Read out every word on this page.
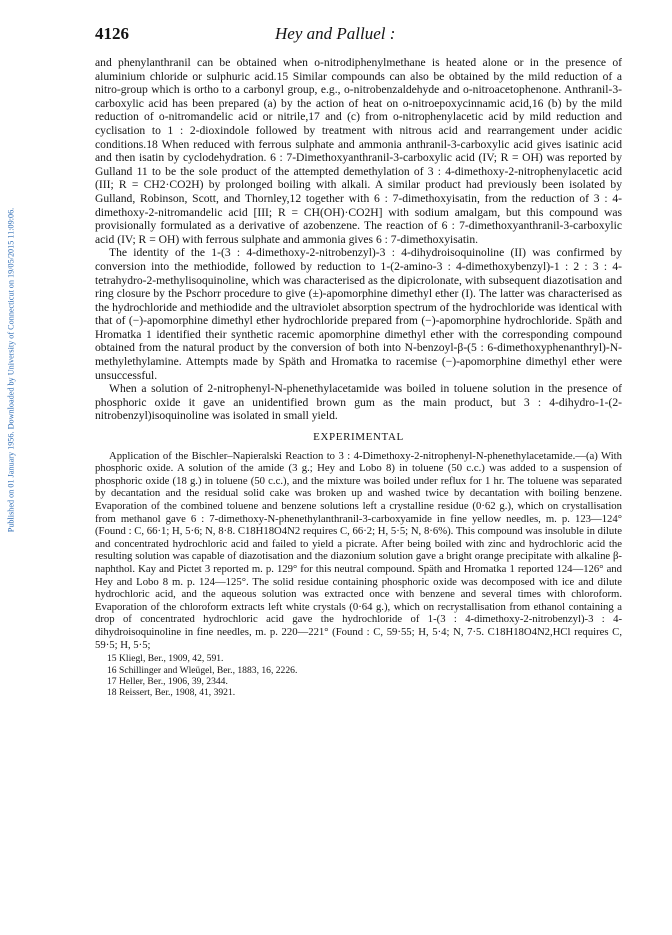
Published on 01 January 1956. Downloaded by University of Connecticut on 19/05/2015 11:09:06.
4126	Hey and Palluel :

and phenylanthranil can be obtained when o-nitrodiphenylmethane is heated alone or in the presence of aluminium chloride or sulphuric acid.15 Similar compounds can also be obtained by the mild reduction of a nitro-group which is ortho to a carbonyl group, e.g., o-nitrobenzaldehyde and o-nitroacetophenone. Anthranil-3-carboxylic acid has been prepared (a) by the action of heat on o-nitroepoxycinnamic acid,16 (b) by the mild reduction of o-nitromandelic acid or nitrile,17 and (c) from o-nitrophenylacetic acid by mild reduction and cyclisation to 1 : 2-dioxindole followed by treatment with nitrous acid and rearrangement under acidic conditions.18 When reduced with ferrous sulphate and ammonia anthranil-3-carboxylic acid gives isatinic acid and then isatin by cyclodehydration. 6 : 7-Dimethoxyanthranil-3-carboxylic acid (IV; R = OH) was reported by Gulland 11 to be the sole product of the attempted demethylation of 3 : 4-dimethoxy-2-nitrophenylacetic acid (III; R = CH2·CO2H) by prolonged boiling with alkali. A similar product had previously been isolated by Gulland, Robinson, Scott, and Thornley,12 together with 6 : 7-dimethoxyisatin, from the reduction of 3 : 4-dimethoxy-2-nitromandelic acid [III; R = CH(OH)·CO2H] with sodium amalgam, but this compound was provisionally formulated as a derivative of azobenzene. The reaction of 6 : 7-dimethoxyanthranil-3-carboxylic acid (IV; R = OH) with ferrous sulphate and ammonia gives 6 : 7-dimethoxyisatin.

The identity of the 1-(3 : 4-dimethoxy-2-nitrobenzyl)-3 : 4-dihydroisoquinoline (II) was confirmed by conversion into the methiodide, followed by reduction to 1-(2-amino-3 : 4-dimethoxybenzyl)-1 : 2 : 3 : 4-tetrahydro-2-methylisoquinoline, which was characterised as the dipicrolonate, with subsequent diazotisation and ring closure by the Pschorr procedure to give (±)-apomorphine dimethyl ether (I). The latter was characterised as the hydrochloride and methiodide and the ultraviolet absorption spectrum of the hydrochloride was identical with that of (−)-apomorphine dimethyl ether hydrochloride prepared from (−)-apomorphine hydrochloride. Späth and Hromatka 1 identified their synthetic racemic apomorphine dimethyl ether with the corresponding compound obtained from the natural product by the conversion of both into N-benzoyl-β-(5 : 6-dimethoxyphenanthryl)-N-methylethylamine. Attempts made by Späth and Hromatka to racemise (−)-apomorphine dimethyl ether were unsuccessful.

When a solution of 2-nitrophenyl-N-phenethylacetamide was boiled in toluene solution in the presence of phosphoric oxide it gave an unidentified brown gum as the main product, but 3 : 4-dihydro-1-(2-nitrobenzyl)isoquinoline was isolated in small yield.

EXPERIMENTAL

Application of the Bischler–Napieralski Reaction to 3 : 4-Dimethoxy-2-nitrophenyl-N-phenethylacetamide.—(a) With phosphoric oxide. A solution of the amide (3 g.; Hey and Lobo 8) in toluene (50 c.c.) was added to a suspension of phosphoric oxide (18 g.) in toluene (50 c.c.), and the mixture was boiled under reflux for 1 hr. The toluene was separated by decantation and the residual solid cake was broken up and washed twice by decantation with boiling benzene. Evaporation of the combined toluene and benzene solutions left a crystalline residue (0·62 g.), which on crystallisation from methanol gave 6 : 7-dimethoxy-N-phenethylanthranil-3-carboxyamide in fine yellow needles, m. p. 123—124° (Found : C, 66·1; H, 5·6; N, 8·8. C18H18O4N2 requires C, 66·2; H, 5·5; N, 8·6%). This compound was insoluble in dilute and concentrated hydrochloric acid and failed to yield a picrate. After being boiled with zinc and hydrochloric acid the resulting solution was capable of diazotisation and the diazonium solution gave a bright orange precipitate with alkaline β-naphthol. Kay and Pictet 3 reported m. p. 129° for this neutral compound. Späth and Hromatka 1 reported 124—126° and Hey and Lobo 8 m. p. 124—125°. The solid residue containing phosphoric oxide was decomposed with ice and dilute hydrochloric acid, and the aqueous solution was extracted once with benzene and several times with chloroform. Evaporation of the chloroform extracts left white crystals (0·64 g.), which on recrystallisation from ethanol containing a drop of concentrated hydrochloric acid gave the hydrochloride of 1-(3 : 4-dimethoxy-2-nitrobenzyl)-3 : 4-dihydroisoquinoline in fine needles, m. p. 220—221° (Found : C, 59·55; H, 5·4; N, 7·5. C18H18O4N2,HCl requires C, 59·5; H, 5·5;

15 Kliegl, Ber., 1909, 42, 591.
16 Schillinger and Wleügel, Ber., 1883, 16, 2226.
17 Heller, Ber., 1906, 39, 2344.
18 Reissert, Ber., 1908, 41, 3921.
